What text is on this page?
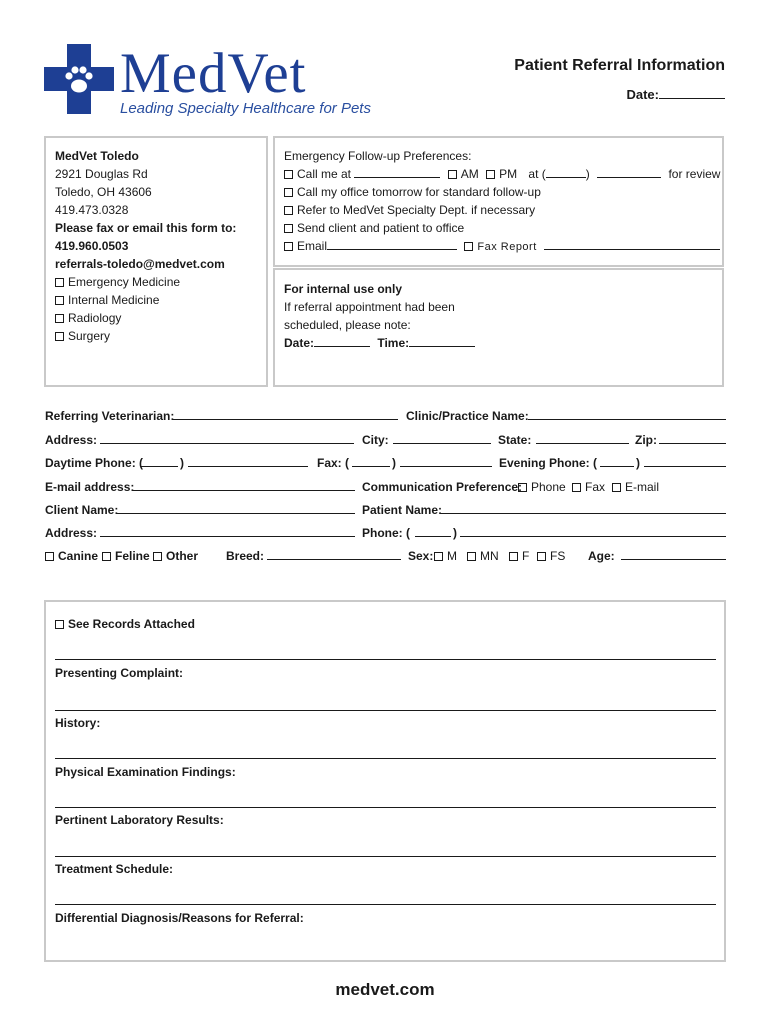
MedVet
Leading Specialty Healthcare for Pets
Patient Referral Information
Date:
MedVet Toledo
2921 Douglas Rd
Toledo, OH 43606
419.473.0328
Please fax or email this form to:
419.960.0503
referrals-toledo@medvet.com
Emergency Medicine
Internal Medicine
Radiology
Surgery
Emergency Follow-up Preferences:
Call me at	AM PM at (	)	for review
Call my office tomorrow for standard follow-up
Refer to MedVet Specialty Dept. if necessary
Send client and patient to office
Email	Fax Report
For internal use only
If referral appointment had been
scheduled, please note:
Date:	Time:
Referring Veterinarian:	Clinic/Practice Name:
Address:	City:	State:	Zip:
Daytime Phone: (	)	Fax: (	)	Evening Phone: (	)
E-mail address:	Communication Preference: Phone	Fax	E-mail
Client Name:	Patient Name:
Address:	Phone: (	)
Canine	Feline	Other Breed:	Sex:	M	MN	F	FS Age:
See Records Attached
Presenting Complaint:
History:
Physical Examination Findings:
Pertinent Laboratory Results:
Treatment Schedule:
Differential Diagnosis/Reasons for Referral:
medvet.com
